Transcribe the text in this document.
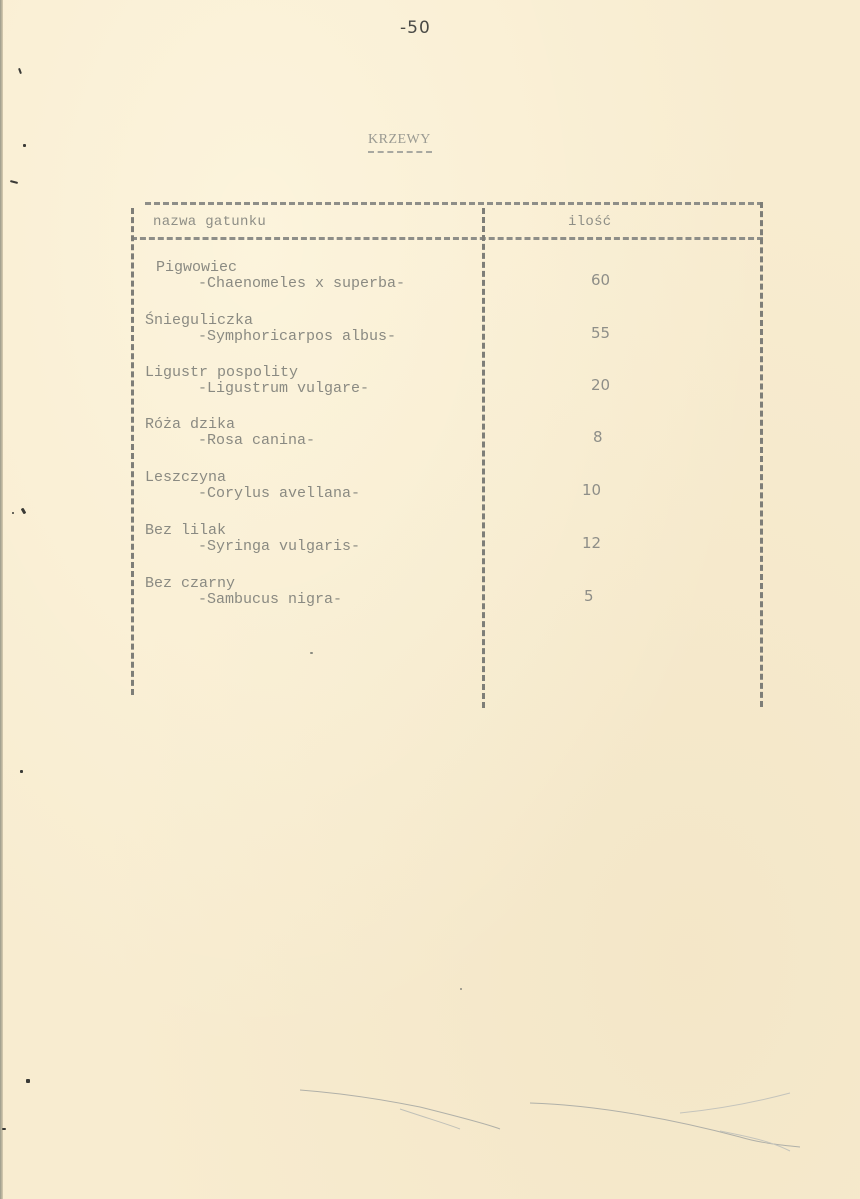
-50
KRZEWY
nazwa gatunku	ilość
Pigwowiec
-Chaenomeles x superba-	60
Śnieguliczka
-Symphoricarpos albus-	55
Ligustr pospolity
-Ligustrum vulgare-	20
Róża dzika
-Rosa canina-	8
Leszczyna
-Corylus avellana-	10
Bez lilak
-Syringa vulgaris-	12
Bez czarny
-Sambucus nigra-	5
